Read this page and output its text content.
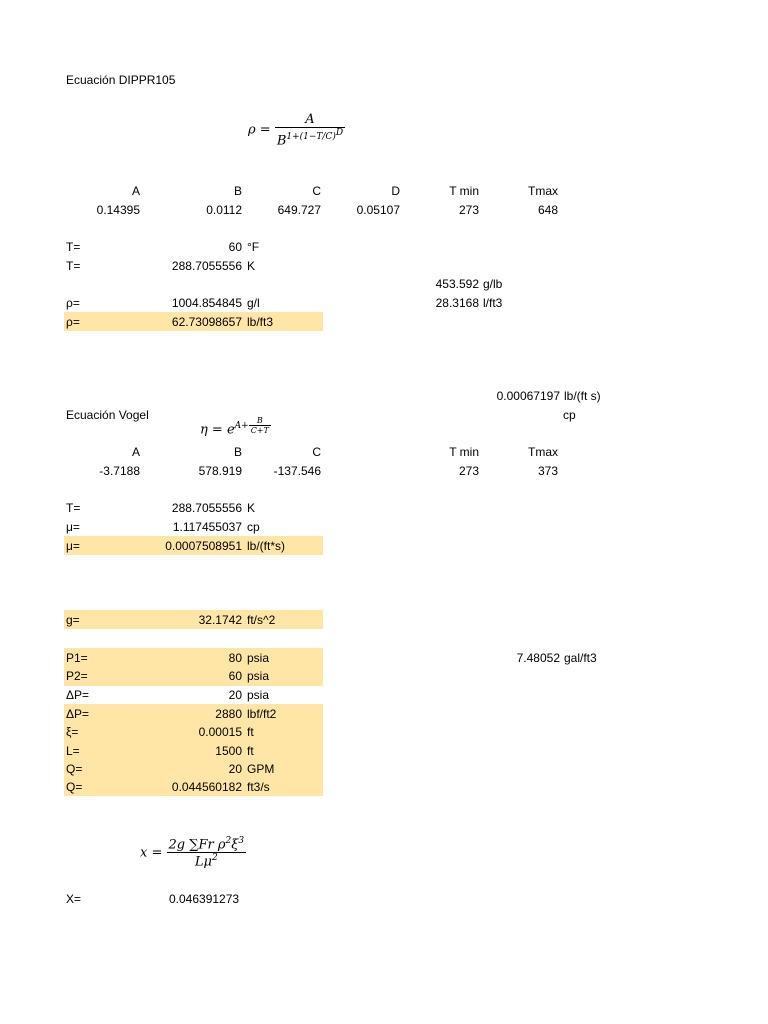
Ecuación DIPPR105
$\rho = \frac{A}{B^{1+(1-T/C)^D}}$
A	B	C	D	T min	Tmax
0.14395	0.0112	649.727	0.05107	273	648
T=	60 °F
T=	288.7055556 K
453.592 g/lb
ρ=	1004.854845 g/l	28.3168 l/ft3
ρ=	62.73098657 lb/ft3
0.00067197 lb/(ft s)
cp
Ecuación Vogel
$\eta = e^{A+ \frac{B}{C+T}}$
A	B	C	T min	Tmax
-3.7188	578.919	-137.546	273	373
T=	288.7055556 K
μ=	1.117455037 cp
μ=	0.0007508951 lb/(ft*s)
g=	32.1742 ft/s^2
P1=	80 psia	7.48052 gal/ft3
P2=	60 psia
ΔP=	20 psia
ΔP=	2880 lbf/ft2
ξ=	0.00015 ft
L=	1500 ft
Q=	20 GPM
Q=	0.044560182 ft3/s
$x = \frac{2g \sum Fr \rho^2\xi^3}{L\mu^2}$
X=	0.046391273
